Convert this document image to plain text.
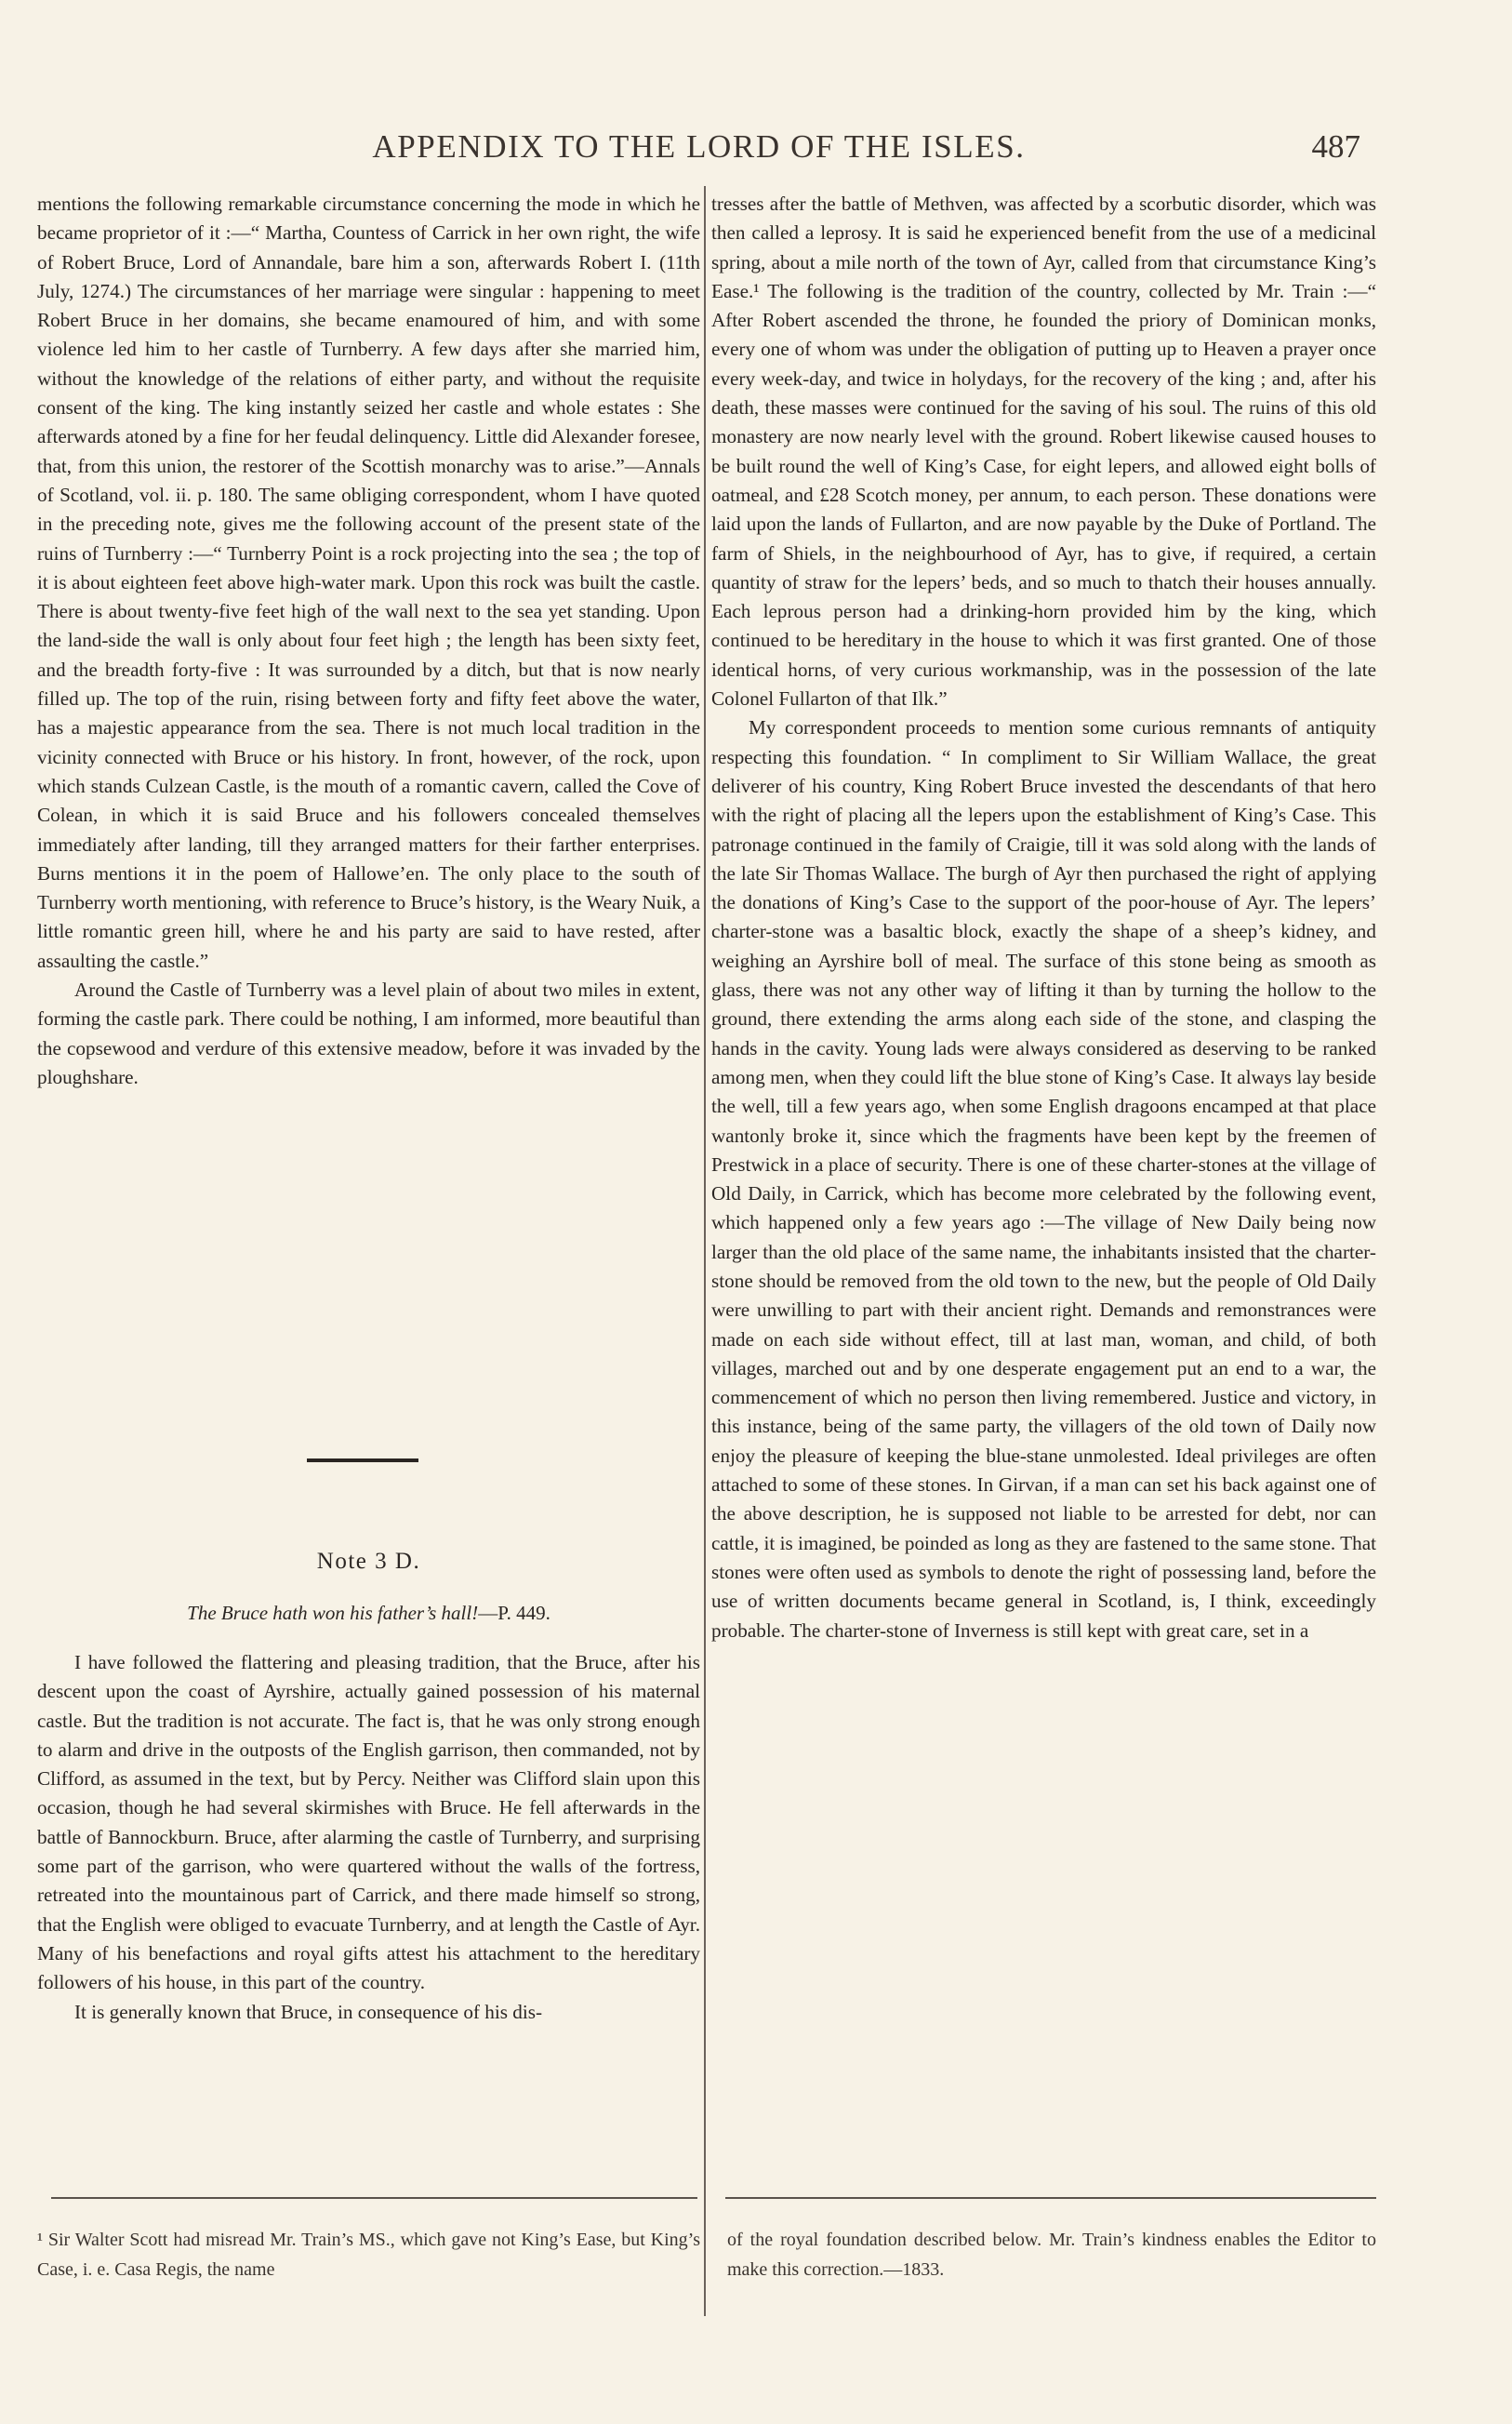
APPENDIX TO THE LORD OF THE ISLES.	487

mentions the following remarkable circumstance concerning the mode in which he became proprietor of it :—“ Martha, Countess of Carrick in her own right, the wife of Robert Bruce, Lord of Annandale, bare him a son, afterwards Robert I. (11th July, 1274.) The circumstances of her marriage were singular : happening to meet Robert Bruce in her domains, she became enamoured of him, and with some violence led him to her castle of Turnberry. A few days after she married him, without the knowledge of the relations of either party, and without the requisite consent of the king. The king instantly seized her castle and whole estates : She afterwards atoned by a fine for her feudal delinquency. Little did Alexander foresee, that, from this union, the restorer of the Scottish monarchy was to arise.”—Annals of Scotland, vol. ii. p. 180. The same obliging correspondent, whom I have quoted in the preceding note, gives me the following account of the present state of the ruins of Turnberry :—“ Turnberry Point is a rock projecting into the sea ; the top of it is about eighteen feet above high-water mark. Upon this rock was built the castle. There is about twenty-five feet high of the wall next to the sea yet standing. Upon the land-side the wall is only about four feet high ; the length has been sixty feet, and the breadth forty-five : It was surrounded by a ditch, but that is now nearly filled up. The top of the ruin, rising between forty and fifty feet above the water, has a majestic appearance from the sea. There is not much local tradition in the vicinity connected with Bruce or his history. In front, however, of the rock, upon which stands Culzean Castle, is the mouth of a romantic cavern, called the Cove of Colean, in which it is said Bruce and his followers concealed themselves immediately after landing, till they arranged matters for their farther enterprises. Burns mentions it in the poem of Hallowe’en. The only place to the south of Turnberry worth mentioning, with reference to Bruce’s history, is the Weary Nuik, a little romantic green hill, where he and his party are said to have rested, after assaulting the castle.”

Around the Castle of Turnberry was a level plain of about two miles in extent, forming the castle park. There could be nothing, I am informed, more beautiful than the copsewood and verdure of this extensive meadow, before it was invaded by the ploughshare.

Note 3 D.
The Bruce hath won his father’s hall!—P. 449.

I have followed the flattering and pleasing tradition, that the Bruce, after his descent upon the coast of Ayrshire, actually gained possession of his maternal castle. But the tradition is not accurate. The fact is, that he was only strong enough to alarm and drive in the outposts of the English garrison, then commanded, not by Clifford, as assumed in the text, but by Percy. Neither was Clifford slain upon this occasion, though he had several skirmishes with Bruce. He fell afterwards in the battle of Bannockburn. Bruce, after alarming the castle of Turnberry, and surprising some part of the garrison, who were quartered without the walls of the fortress, retreated into the mountainous part of Carrick, and there made himself so strong, that the English were obliged to evacuate Turnberry, and at length the Castle of Ayr. Many of his benefactions and royal gifts attest his attachment to the hereditary followers of his house, in this part of the country.

It is generally known that Bruce, in consequence of his dis-

tresses after the battle of Methven, was affected by a scorbutic disorder, which was then called a leprosy. It is said he experienced benefit from the use of a medicinal spring, about a mile north of the town of Ayr, called from that circumstance King’s Ease.¹ The following is the tradition of the country, collected by Mr. Train :—“ After Robert ascended the throne, he founded the priory of Dominican monks, every one of whom was under the obligation of putting up to Heaven a prayer once every week-day, and twice in holydays, for the recovery of the king ; and, after his death, these masses were continued for the saving of his soul. The ruins of this old monastery are now nearly level with the ground. Robert likewise caused houses to be built round the well of King’s Case, for eight lepers, and allowed eight bolls of oatmeal, and £28 Scotch money, per annum, to each person. These donations were laid upon the lands of Fullarton, and are now payable by the Duke of Portland. The farm of Shiels, in the neighbourhood of Ayr, has to give, if required, a certain quantity of straw for the lepers’ beds, and so much to thatch their houses annually. Each leprous person had a drinking-horn provided him by the king, which continued to be hereditary in the house to which it was first granted. One of those identical horns, of very curious workmanship, was in the possession of the late Colonel Fullarton of that Ilk.”

My correspondent proceeds to mention some curious remnants of antiquity respecting this foundation. “ In compliment to Sir William Wallace, the great deliverer of his country, King Robert Bruce invested the descendants of that hero with the right of placing all the lepers upon the establishment of King’s Case. This patronage continued in the family of Craigie, till it was sold along with the lands of the late Sir Thomas Wallace. The burgh of Ayr then purchased the right of applying the donations of King’s Case to the support of the poor-house of Ayr. The lepers’ charter-stone was a basaltic block, exactly the shape of a sheep’s kidney, and weighing an Ayrshire boll of meal. The surface of this stone being as smooth as glass, there was not any other way of lifting it than by turning the hollow to the ground, there extending the arms along each side of the stone, and clasping the hands in the cavity. Young lads were always considered as deserving to be ranked among men, when they could lift the blue stone of King’s Case. It always lay beside the well, till a few years ago, when some English dragoons encamped at that place wantonly broke it, since which the fragments have been kept by the freemen of Prestwick in a place of security. There is one of these charter-stones at the village of Old Daily, in Carrick, which has become more celebrated by the following event, which happened only a few years ago :—The village of New Daily being now larger than the old place of the same name, the inhabitants insisted that the charter-stone should be removed from the old town to the new, but the people of Old Daily were unwilling to part with their ancient right. Demands and remonstrances were made on each side without effect, till at last man, woman, and child, of both villages, marched out and by one desperate engagement put an end to a war, the commencement of which no person then living remembered. Justice and victory, in this instance, being of the same party, the villagers of the old town of Daily now enjoy the pleasure of keeping the blue-stane unmolested. Ideal privileges are often attached to some of these stones. In Girvan, if a man can set his back against one of the above description, he is supposed not liable to be arrested for debt, nor can cattle, it is imagined, be poinded as long as they are fastened to the same stone. That stones were often used as symbols to denote the right of possessing land, before the use of written documents became general in Scotland, is, I think, exceedingly probable. The charter-stone of Inverness is still kept with great care, set in a

¹ Sir Walter Scott had misread Mr. Train’s MS., which gave not King’s Ease, but King’s Case, i. e. Casa Regis, the name
of the royal foundation described below. Mr. Train’s kindness enables the Editor to make this correction.—1833.
